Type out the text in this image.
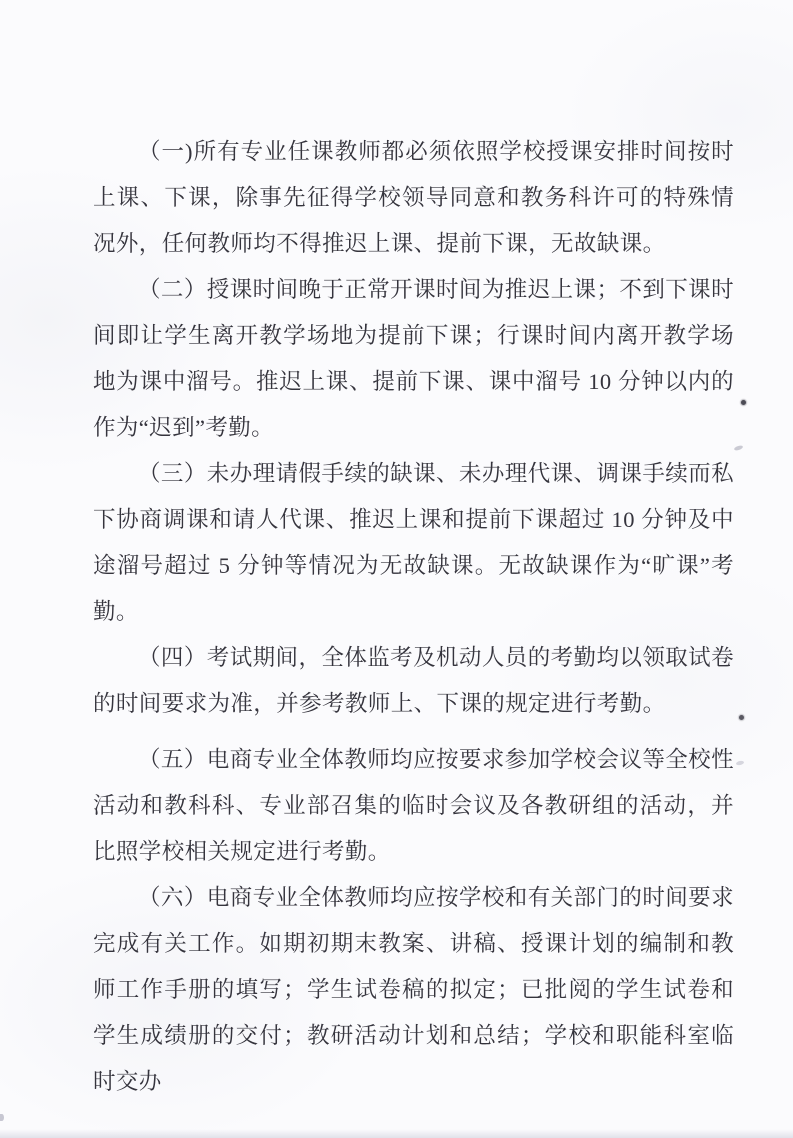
（一)所有专业任课教师都必须依照学校授课安排时间按时上课、下课，除事先征得学校领导同意和教务科许可的特殊情况外，任何教师均不得推迟上课、提前下课，无故缺课。

（二）授课时间晚于正常开课时间为推迟上课；不到下课时间即让学生离开教学场地为提前下课；行课时间内离开教学场地为课中溜号。推迟上课、提前下课、课中溜号 10 分钟以内的作为“迟到”考勤。

（三）未办理请假手续的缺课、未办理代课、调课手续而私下协商调课和请人代课、推迟上课和提前下课超过 10 分钟及中途溜号超过 5 分钟等情况为无故缺课。无故缺课作为“旷课”考勤。

（四）考试期间，全体监考及机动人员的考勤均以领取试卷的时间要求为准，并参考教师上、下课的规定进行考勤。

（五）电商专业全体教师均应按要求参加学校会议等全校性活动和教科科、专业部召集的临时会议及各教研组的活动，并比照学校相关规定进行考勤。

（六）电商专业全体教师均应按学校和有关部门的时间要求完成有关工作。如期初期末教案、讲稿、授课计划的编制和教师工作手册的填写；学生试卷稿的拟定；已批阅的学生试卷和学生成绩册的交付；教研活动计划和总结；学校和职能科室临时交办
